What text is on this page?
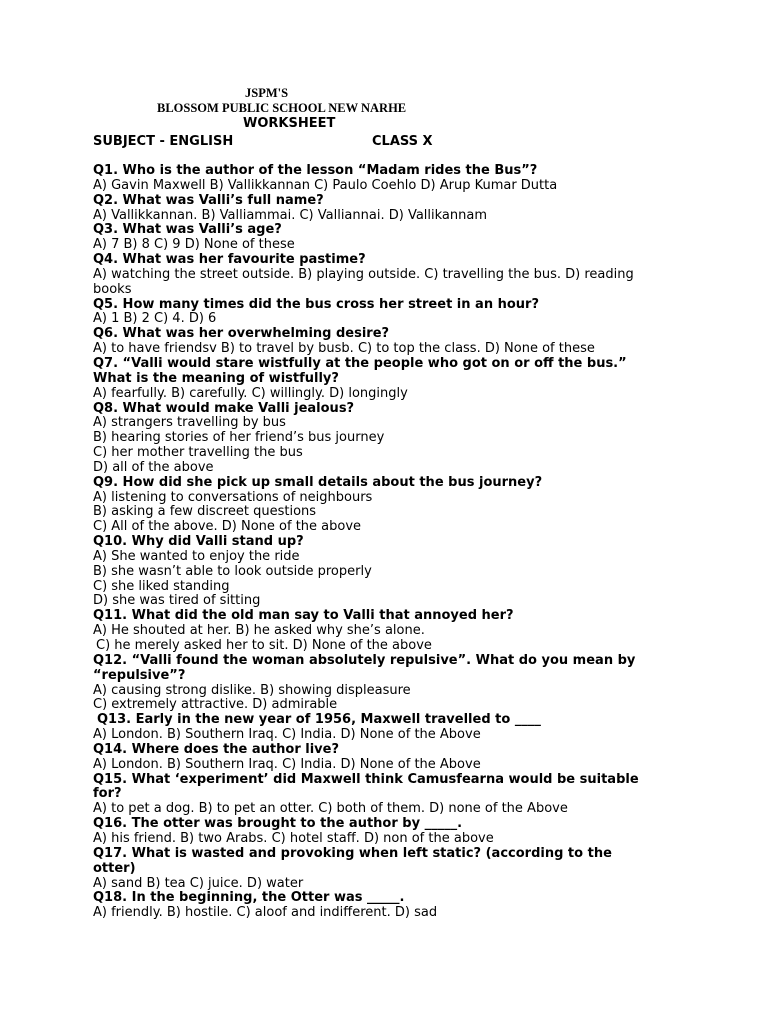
JSPM'S
BLOSSOM PUBLIC SCHOOL NEW NARHE
WORKSHEET
SUBJECT - ENGLISH	CLASS X
Q1. Who is the author of the lesson “Madam rides the Bus”?
A) Gavin Maxwell B) Vallikkannan C) Paulo Coehlo D) Arup Kumar Dutta
Q2. What was Valli’s full name?
A) Vallikkannan. B) Valliammai. C) Valliannai. D) Vallikannam
Q3. What was Valli’s age?
A) 7 B) 8 C) 9 D) None of these
Q4. What was her favourite pastime?
A) watching the street outside. B) playing outside. C) travelling the bus. D) reading
books
Q5. How many times did the bus cross her street in an hour?
A) 1 B) 2 C) 4. D) 6
Q6. What was her overwhelming desire?
A) to have friendsv B) to travel by busb. C) to top the class. D) None of these
Q7. “Valli would stare wistfully at the people who got on or off the bus.”
What is the meaning of wistfully?
A) fearfully. B) carefully. C) willingly. D) longingly
Q8. What would make Valli jealous?
A) strangers travelling by bus
B) hearing stories of her friend’s bus journey
C) her mother travelling the bus
D) all of the above
Q9. How did she pick up small details about the bus journey?
A) listening to conversations of neighbours
B) asking a few discreet questions
C) All of the above. D) None of the above
Q10. Why did Valli stand up?
A) She wanted to enjoy the ride
B) she wasn’t able to look outside properly
C) she liked standing
D) she was tired of sitting
Q11. What did the old man say to Valli that annoyed her?
A) He shouted at her. B) he asked why she’s alone.
C) he merely asked her to sit. D) None of the above
Q12. “Valli found the woman absolutely repulsive”. What do you mean by
“repulsive”?
A) causing strong dislike. B) showing displeasure
C) extremely attractive. D) admirable
Q13. Early in the new year of 1956, Maxwell travelled to ____
A) London. B) Southern Iraq. C) India. D) None of the Above
Q14. Where does the author live?
A) London. B) Southern Iraq. C) India. D) None of the Above
Q15. What ‘experiment’ did Maxwell think Camusfearna would be suitable
for?
A) to pet a dog. B) to pet an otter. C) both of them. D) none of the Above
Q16. The otter was brought to the author by _____.
A) his friend. B) two Arabs. C) hotel staff. D) non of the above
Q17. What is wasted and provoking when left static? (according to the
otter)
A) sand B) tea C) juice. D) water
Q18. In the beginning, the Otter was _____.
A) friendly. B) hostile. C) aloof and indifferent. D) sad
